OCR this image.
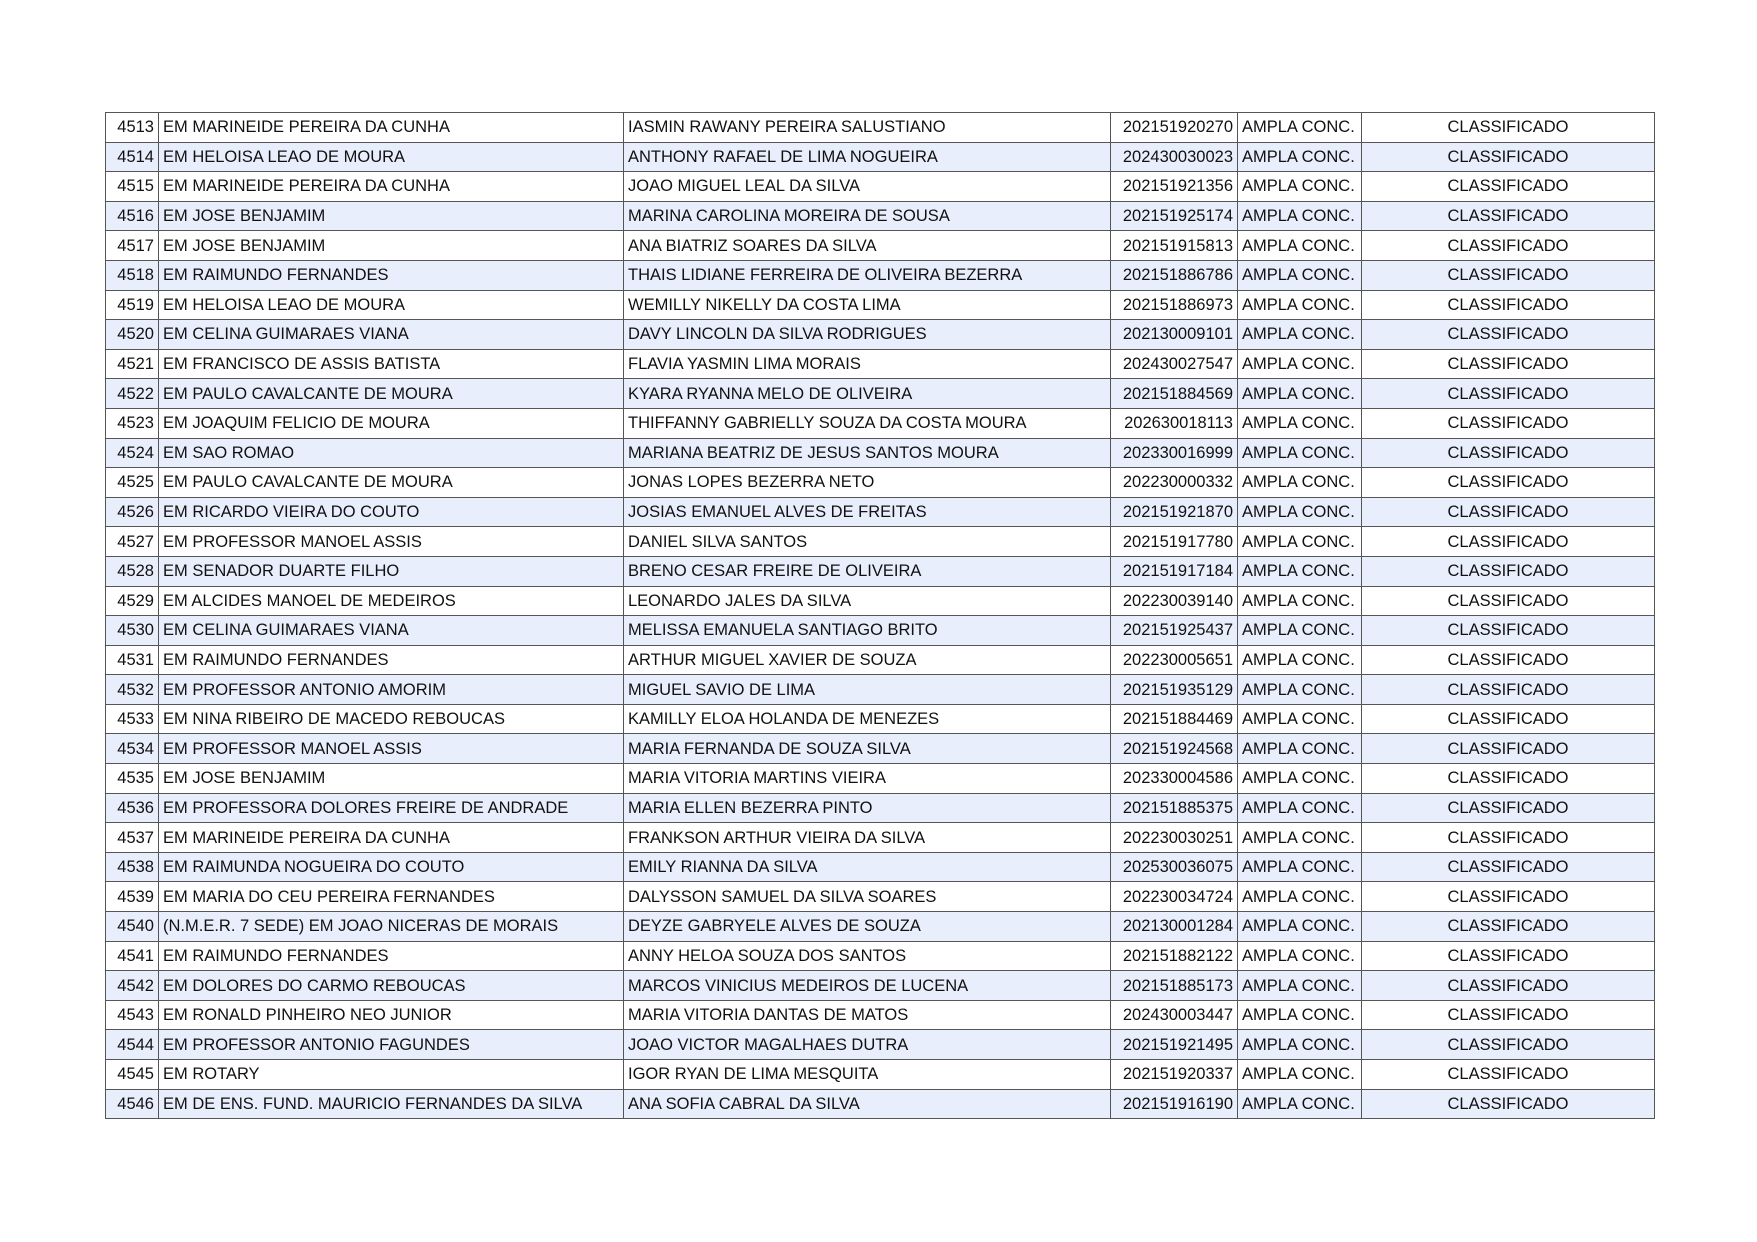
4513	EM MARINEIDE PEREIRA DA CUNHA	IASMIN RAWANY PEREIRA SALUSTIANO	202151920270	AMPLA CONC.	CLASSIFICADO
4514	EM HELOISA LEAO DE MOURA	ANTHONY RAFAEL DE LIMA NOGUEIRA	202430030023	AMPLA CONC.	CLASSIFICADO
4515	EM MARINEIDE PEREIRA DA CUNHA	JOAO MIGUEL LEAL DA SILVA	202151921356	AMPLA CONC.	CLASSIFICADO
4516	EM JOSE BENJAMIM	MARINA CAROLINA MOREIRA DE SOUSA	202151925174	AMPLA CONC.	CLASSIFICADO
4517	EM JOSE BENJAMIM	ANA BIATRIZ SOARES DA SILVA	202151915813	AMPLA CONC.	CLASSIFICADO
4518	EM RAIMUNDO FERNANDES	THAIS LIDIANE FERREIRA DE OLIVEIRA BEZERRA	202151886786	AMPLA CONC.	CLASSIFICADO
4519	EM HELOISA LEAO DE MOURA	WEMILLY NIKELLY DA COSTA LIMA	202151886973	AMPLA CONC.	CLASSIFICADO
4520	EM CELINA GUIMARAES VIANA	DAVY LINCOLN DA SILVA RODRIGUES	202130009101	AMPLA CONC.	CLASSIFICADO
4521	EM FRANCISCO DE ASSIS BATISTA	FLAVIA YASMIN LIMA MORAIS	202430027547	AMPLA CONC.	CLASSIFICADO
4522	EM PAULO CAVALCANTE DE MOURA	KYARA RYANNA MELO DE OLIVEIRA	202151884569	AMPLA CONC.	CLASSIFICADO
4523	EM JOAQUIM FELICIO DE MOURA	THIFFANNY GABRIELLY SOUZA DA COSTA MOURA	202630018113	AMPLA CONC.	CLASSIFICADO
4524	EM SAO ROMAO	MARIANA BEATRIZ DE JESUS SANTOS MOURA	202330016999	AMPLA CONC.	CLASSIFICADO
4525	EM PAULO CAVALCANTE DE MOURA	JONAS LOPES BEZERRA NETO	202230000332	AMPLA CONC.	CLASSIFICADO
4526	EM RICARDO VIEIRA DO COUTO	JOSIAS EMANUEL ALVES DE FREITAS	202151921870	AMPLA CONC.	CLASSIFICADO
4527	EM PROFESSOR MANOEL ASSIS	DANIEL SILVA SANTOS	202151917780	AMPLA CONC.	CLASSIFICADO
4528	EM SENADOR DUARTE FILHO	BRENO CESAR FREIRE DE OLIVEIRA	202151917184	AMPLA CONC.	CLASSIFICADO
4529	EM ALCIDES MANOEL DE MEDEIROS	LEONARDO JALES DA SILVA	202230039140	AMPLA CONC.	CLASSIFICADO
4530	EM CELINA GUIMARAES VIANA	MELISSA EMANUELA SANTIAGO BRITO	202151925437	AMPLA CONC.	CLASSIFICADO
4531	EM RAIMUNDO FERNANDES	ARTHUR MIGUEL XAVIER DE SOUZA	202230005651	AMPLA CONC.	CLASSIFICADO
4532	EM PROFESSOR ANTONIO AMORIM	MIGUEL SAVIO DE LIMA	202151935129	AMPLA CONC.	CLASSIFICADO
4533	EM NINA RIBEIRO DE MACEDO REBOUCAS	KAMILLY ELOA HOLANDA DE MENEZES	202151884469	AMPLA CONC.	CLASSIFICADO
4534	EM PROFESSOR MANOEL ASSIS	MARIA FERNANDA DE SOUZA SILVA	202151924568	AMPLA CONC.	CLASSIFICADO
4535	EM JOSE BENJAMIM	MARIA VITORIA MARTINS VIEIRA	202330004586	AMPLA CONC.	CLASSIFICADO
4536	EM PROFESSORA DOLORES FREIRE DE ANDRADE	MARIA ELLEN BEZERRA PINTO	202151885375	AMPLA CONC.	CLASSIFICADO
4537	EM MARINEIDE PEREIRA DA CUNHA	FRANKSON ARTHUR VIEIRA DA SILVA	202230030251	AMPLA CONC.	CLASSIFICADO
4538	EM RAIMUNDA NOGUEIRA DO COUTO	EMILY RIANNA DA SILVA	202530036075	AMPLA CONC.	CLASSIFICADO
4539	EM MARIA DO CEU PEREIRA FERNANDES	DALYSSON SAMUEL DA SILVA SOARES	202230034724	AMPLA CONC.	CLASSIFICADO
4540	(N.M.E.R. 7 SEDE) EM JOAO NICERAS DE MORAIS	DEYZE GABRYELE ALVES DE SOUZA	202130001284	AMPLA CONC.	CLASSIFICADO
4541	EM RAIMUNDO FERNANDES	ANNY HELOA SOUZA DOS SANTOS	202151882122	AMPLA CONC.	CLASSIFICADO
4542	EM DOLORES DO CARMO REBOUCAS	MARCOS VINICIUS MEDEIROS DE LUCENA	202151885173	AMPLA CONC.	CLASSIFICADO
4543	EM RONALD PINHEIRO NEO JUNIOR	MARIA VITORIA DANTAS DE MATOS	202430003447	AMPLA CONC.	CLASSIFICADO
4544	EM PROFESSOR ANTONIO FAGUNDES	JOAO VICTOR MAGALHAES DUTRA	202151921495	AMPLA CONC.	CLASSIFICADO
4545	EM ROTARY	IGOR RYAN DE LIMA MESQUITA	202151920337	AMPLA CONC.	CLASSIFICADO
4546	EM DE ENS. FUND. MAURICIO FERNANDES DA SILVA	ANA SOFIA CABRAL DA SILVA	202151916190	AMPLA CONC.	CLASSIFICADO
